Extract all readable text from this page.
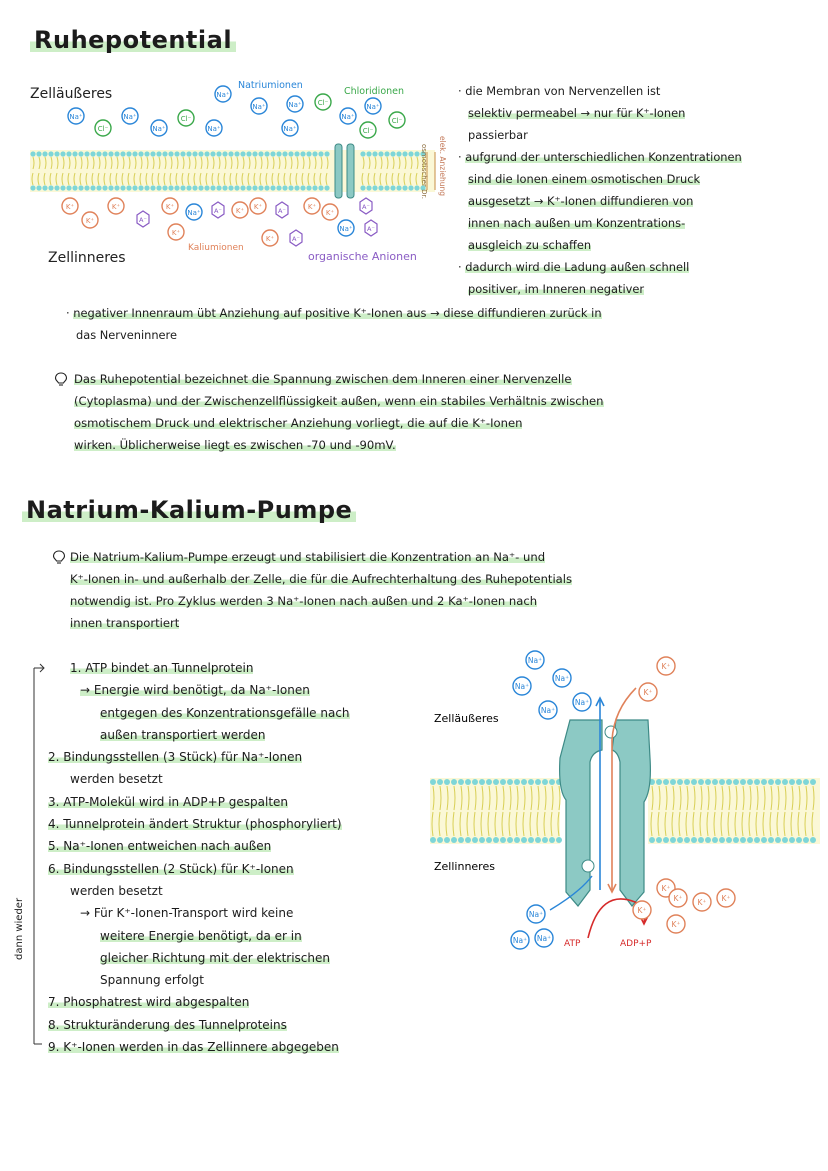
Ruhepotential
osmotischer Dr. elek. Anziehung
Zelläußeres
Zellinneres
Natriumionen
Chloridionen
Kaliumionen
organische Anionen
Na⁺
Cl⁻
Na⁺
Na⁺
Cl⁻
Na⁺
Na⁺
Na⁺	Na⁺
Na⁺
Cl⁻
Na⁺
Na⁺
Cl⁻
Cl⁻
K⁺
K⁺
K⁺
A⁻
K⁺
K⁺
Na⁺ A⁻ K⁺ K⁺ A⁻
K⁺	A⁻
K⁺
K⁺
A⁻
Na⁺ A⁻
· die Membran von Nervenzellen ist
selektiv permeabel → nur für K⁺-Ionen
passierbar
· aufgrund der unterschiedlichen Konzentrationen
sind die Ionen einem osmotischen Druck
ausgesetzt → K⁺-Ionen diffundieren von
innen nach außen um Konzentrations-
ausgleich zu schaffen
· dadurch wird die Ladung außen schnell
positiver, im Inneren negativer
· negativer Innenraum übt Anziehung auf positive K⁺-Ionen aus → diese diffundieren zurück in
das Nerveninnere

Das Ruhepotential bezeichnet die Spannung zwischen dem Inneren einer Nervenzelle

(Cytoplasma) und der Zwischenzellflüssigkeit außen, wenn ein stabiles Verhältnis zwischen

osmotischem Druck und elektrischer Anziehung vorliegt, die auf die K⁺-Ionen

wirken. Üblicherweise liegt es zwischen -70 und -90mV.

Natrium-Kalium-Pumpe

Die Natrium-Kalium-Pumpe erzeugt und stabilisiert die Konzentration an Na⁺- und

K⁺-Ionen in- und außerhalb der Zelle, die für die Aufrechterhaltung des Ruhepotentials

notwendig ist. Pro Zyklus werden 3 Na⁺-Ionen nach außen und 2 Ka⁺-Ionen nach

innen transportiert

dann wieder
1. ATP bindet an Tunnelprotein
→ Energie wird benötigt, da Na⁺-Ionen
entgegen des Konzentrationsgefälle nach
außen transportiert werden
2. Bindungsstellen (3 Stück) für Na⁺-Ionen
werden besetzt
3. ATP-Molekül wird in ADP+P gespalten
4. Tunnelprotein ändert Struktur (phosphoryliert)
5. Na⁺-Ionen entweichen nach außen
6. Bindungsstellen (2 Stück) für K⁺-Ionen
werden besetzt
→ Für K⁺-Ionen-Transport wird keine
weitere Energie benötigt, da er in
gleicher Richtung mit der elektrischen
Spannung erfolgt
7. Phosphatrest wird abgespalten
8. Strukturänderung des Tunnelproteins
9. K⁺-Ionen werden in das Zellinnere abgegeben
Zelläußeres
Zellinneres
ATP	ADP+P
Na⁺
Na⁺
Na⁺
Na⁺
Na⁺
Na⁺
Na⁺ Na⁺
K⁺
K⁺
K⁺
K⁺
K⁺
K⁺
K⁺	K⁺
